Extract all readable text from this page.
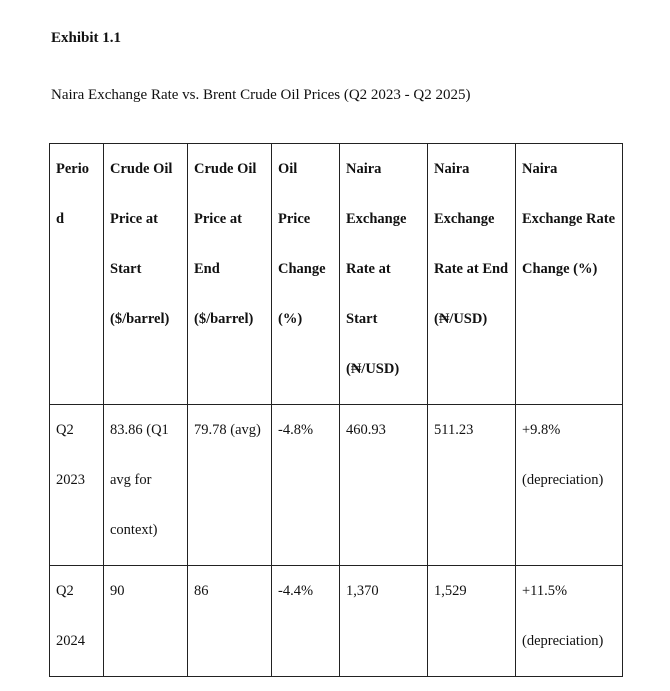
Exhibit 1.1
Naira Exchange Rate vs. Brent Crude Oil Prices (Q2 2023 - Q2 2025)
Period	Crude Oil Price at Start ($/barrel)	Crude Oil Price at End ($/barrel)	Oil Price Change (%)	Naira Exchange Rate at Start (₦/USD)	Naira Exchange Rate at End (₦/USD)	Naira Exchange Rate Change (%)

Q2 2023	83.86 (Q1 avg for context)	79.78 (avg)	-4.8%	460.93	511.23	+9.8% (depreciation)

Q2 2024	90	86	-4.4%	1,370	1,529	+11.5% (depreciation)
